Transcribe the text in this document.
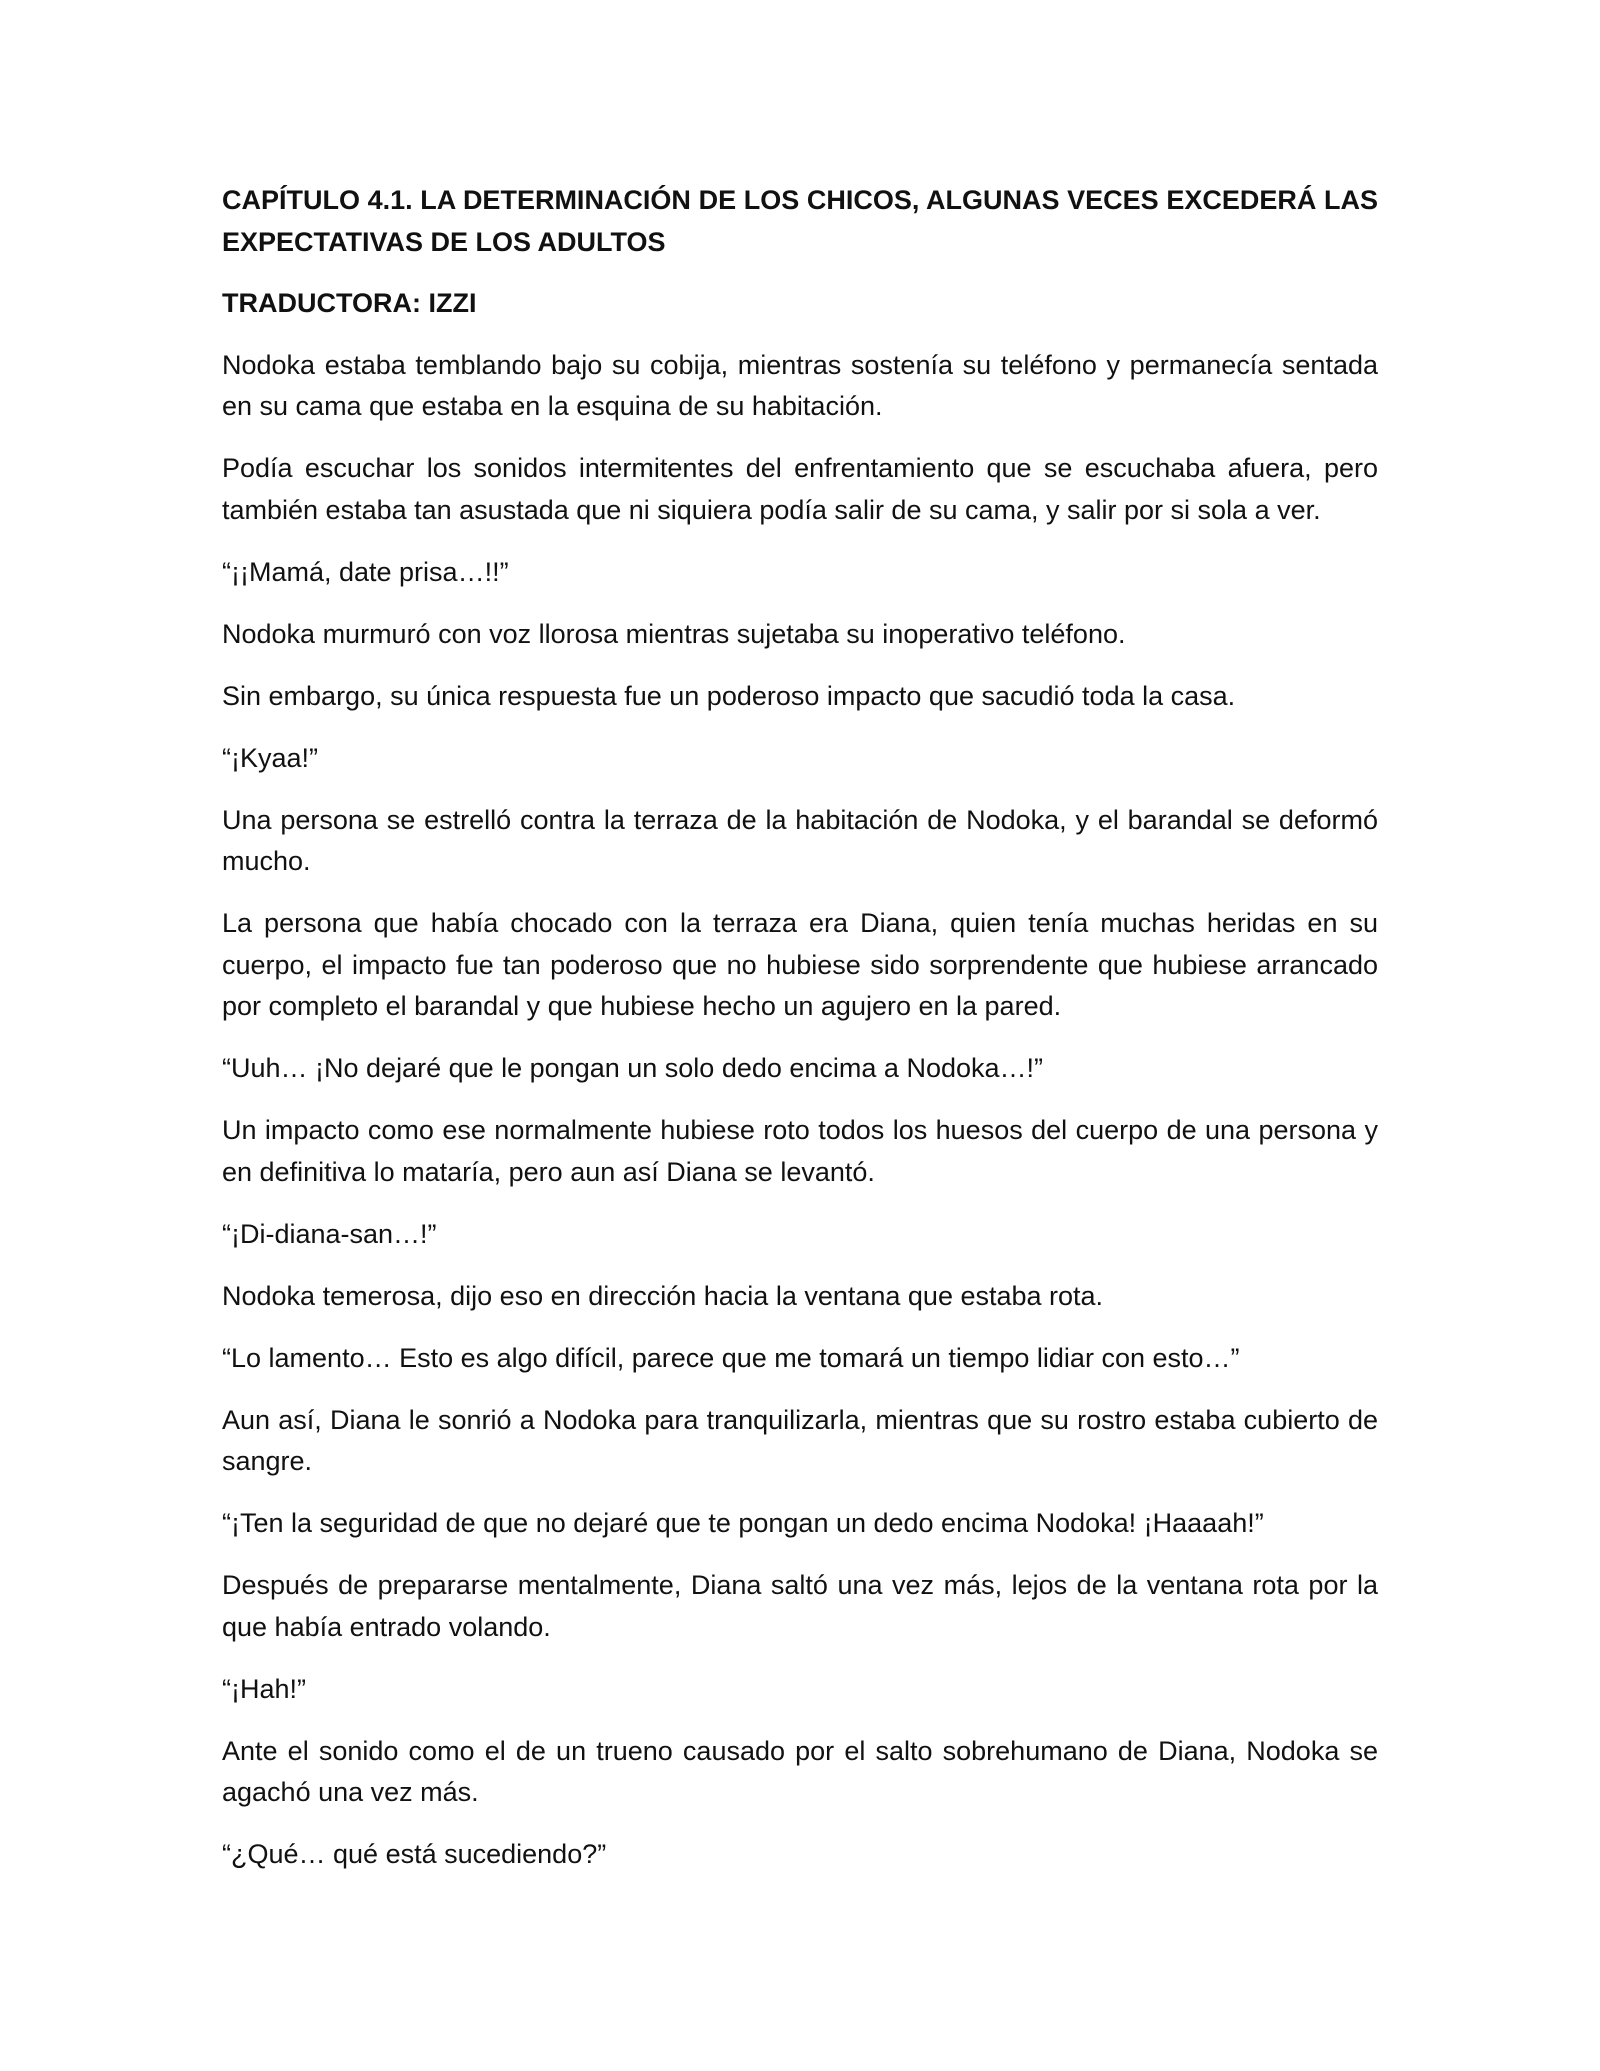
CAPÍTULO 4.1. LA DETERMINACIÓN DE LOS CHICOS, ALGUNAS VECES EXCEDERÁ LAS EXPECTATIVAS DE LOS ADULTOS
TRADUCTORA: IZZI

Nodoka estaba temblando bajo su cobija, mientras sostenía su teléfono y permanecía sentada en su cama que estaba en la esquina de su habitación.

Podía escuchar los sonidos intermitentes del enfrentamiento que se escuchaba afuera, pero también estaba tan asustada que ni siquiera podía salir de su cama, y salir por si sola a ver.

“¡¡Mamá, date prisa…!!”

Nodoka murmuró con voz llorosa mientras sujetaba su inoperativo teléfono.

Sin embargo, su única respuesta fue un poderoso impacto que sacudió toda la casa.

“¡Kyaa!”

Una persona se estrelló contra la terraza de la habitación de Nodoka, y el barandal se deformó mucho.

La persona que había chocado con la terraza era Diana, quien tenía muchas heridas en su cuerpo, el impacto fue tan poderoso que no hubiese sido sorprendente que hubiese arrancado por completo el barandal y que hubiese hecho un agujero en la pared.

“Uuh… ¡No dejaré que le pongan un solo dedo encima a Nodoka…!”

Un impacto como ese normalmente hubiese roto todos los huesos del cuerpo de una persona y en definitiva lo mataría, pero aun así Diana se levantó.

“¡Di-diana-san…!”

Nodoka temerosa, dijo eso en dirección hacia la ventana que estaba rota.

“Lo lamento… Esto es algo difícil, parece que me tomará un tiempo lidiar con esto…”

Aun así, Diana le sonrió a Nodoka para tranquilizarla, mientras que su rostro estaba cubierto de sangre.

“¡Ten la seguridad de que no dejaré que te pongan un dedo encima Nodoka! ¡Haaaah!”

Después de prepararse mentalmente, Diana saltó una vez más, lejos de la ventana rota por la que había entrado volando.

“¡Hah!”

Ante el sonido como el de un trueno causado por el salto sobrehumano de Diana, Nodoka se agachó una vez más.

“¿Qué… qué está sucediendo?”
